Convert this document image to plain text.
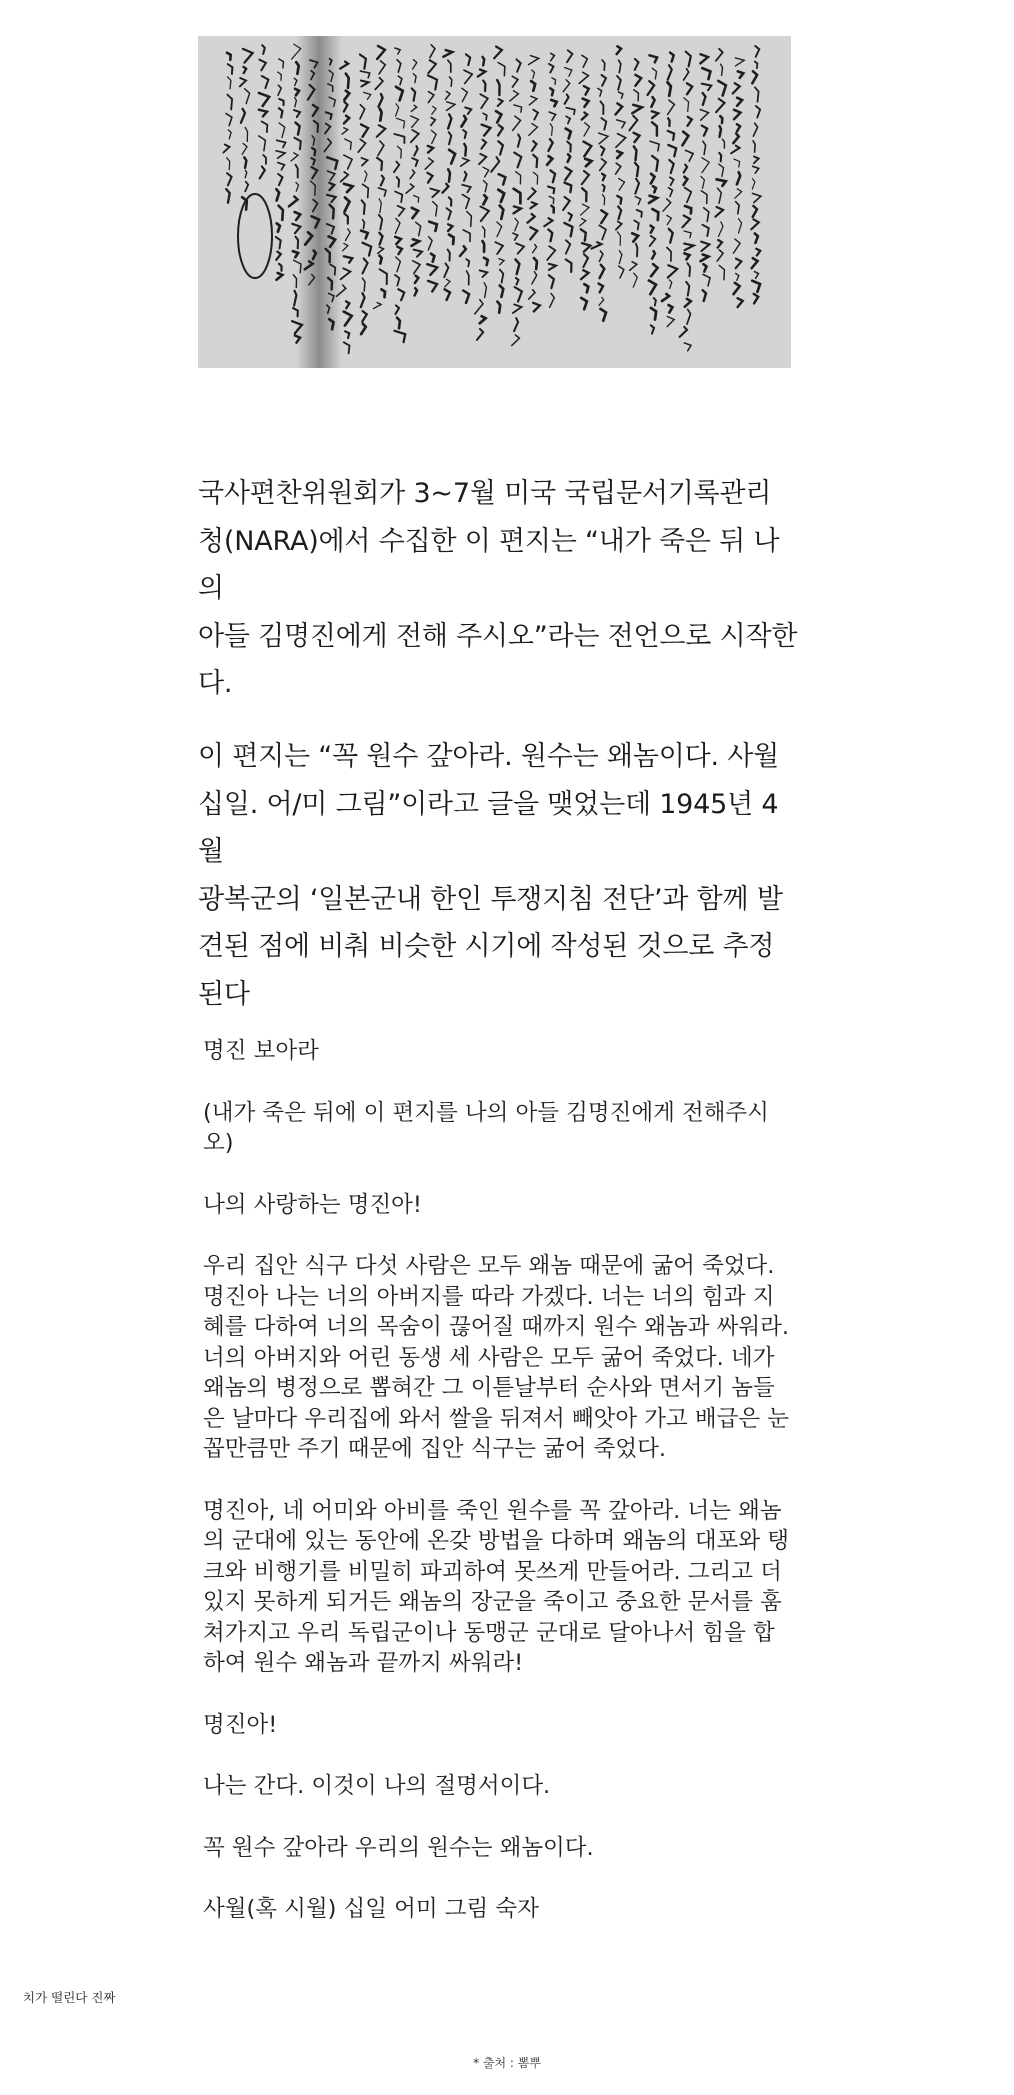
국사편찬위원회가 3~7월 미국 국립문서기록관리
청(NARA)에서 수집한 이 편지는 “내가 죽은 뒤 나의
아들 김명진에게 전해 주시오”라는 전언으로 시작한
다.
이 편지는 “꼭 원수 갚아라. 원수는 왜놈이다. 사월
십일. 어/미 그림”이라고 글을 맺었는데 1945년 4월
광복군의 ‘일본군내 한인 투쟁지침 전단’과 함께 발
견된 점에 비춰 비슷한 시기에 작성된 것으로 추정
된다

명진 보아라

(내가 죽은 뒤에 이 편지를 나의 아들 김명진에게 전해주시
오)

나의 사랑하는 명진아!

우리 집안 식구 다섯 사람은 모두 왜놈 때문에 굶어 죽었다.
명진아 나는 너의 아버지를 따라 가겠다. 너는 너의 힘과 지
혜를 다하여 너의 목숨이 끊어질 때까지 원수 왜놈과 싸워라.
너의 아버지와 어린 동생 세 사람은 모두 굶어 죽었다. 네가
왜놈의 병정으로 뽑혀간 그 이튿날부터 순사와 면서기 놈들
은 날마다 우리집에 와서 쌀을 뒤져서 빼앗아 가고 배급은 눈
꼽만큼만 주기 때문에 집안 식구는 굶어 죽었다.

명진아, 네 어미와 아비를 죽인 원수를 꼭 갚아라. 너는 왜놈
의 군대에 있는 동안에 온갖 방법을 다하며 왜놈의 대포와 탱
크와 비행기를 비밀히 파괴하여 못쓰게 만들어라. 그리고 더
있지 못하게 되거든 왜놈의 장군을 죽이고 중요한 문서를 훔
쳐가지고 우리 독립군이나 동맹군 군대로 달아나서 힘을 합
하여 원수 왜놈과 끝까지 싸워라!

명진아!

나는 간다. 이것이 나의 절명서이다.

꼭 원수 갚아라 우리의 원수는 왜놈이다.

사월(혹 시월) 십일 어미 그림 숙자

치가 떨린다 진짜
* 출처 : 뽐뿌
